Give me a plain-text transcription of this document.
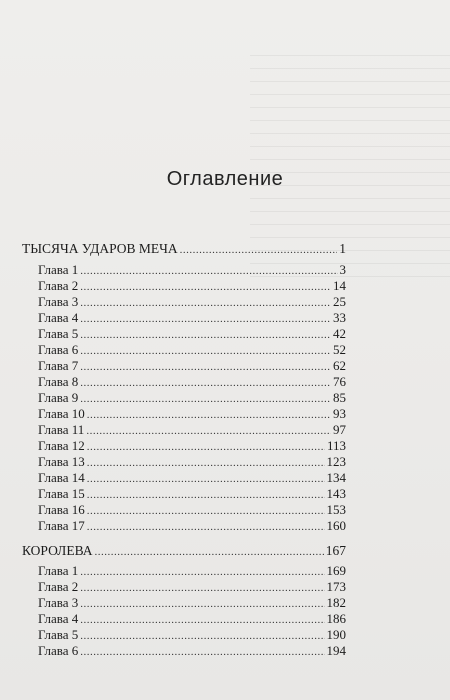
Оглавление
ТЫСЯЧА УДАРОВ МЕЧА .....	1
Глава 1 .....	3
Глава 2 .....	14
Глава 3 .....	25
Глава 4 .....	33
Глава 5 .....	42
Глава 6 .....	52
Глава 7 .....	62
Глава 8 .....	76
Глава 9 .....	85
Глава 10 .....	93
Глава 11 .....	97
Глава 12 .....	113
Глава 13 .....	123
Глава 14 .....	134
Глава 15 .....	143
Глава 16 .....	153
Глава 17 .....	160
КОРОЛЕВА .....	167
Глава 1 .....	169
Глава 2 .....	173
Глава 3 .....	182
Глава 4 .....	186
Глава 5 .....	190
Глава 6 .....	194
